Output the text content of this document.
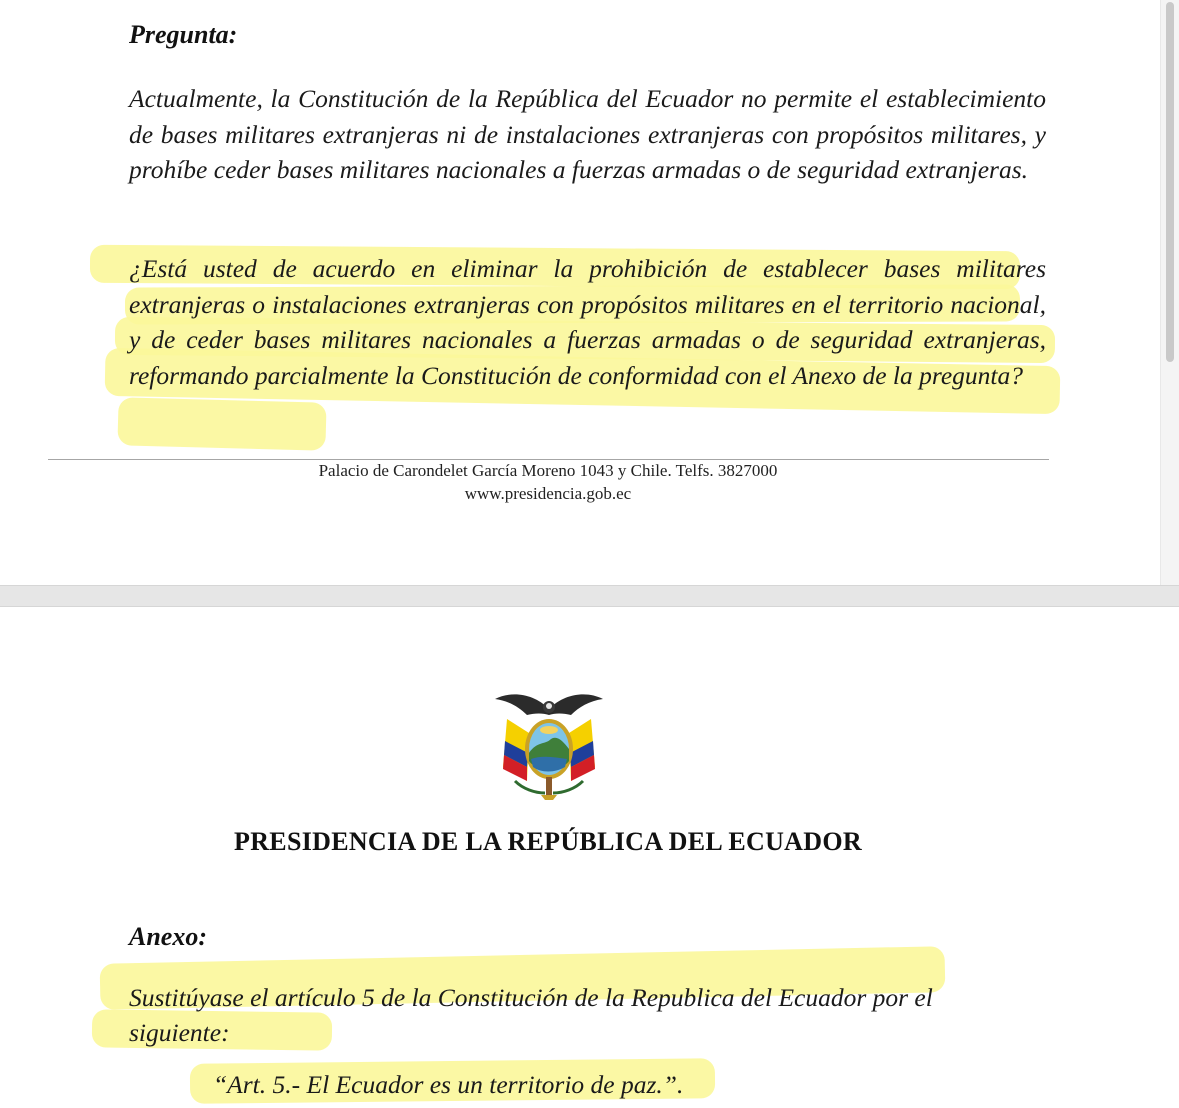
Pregunta:

Actualmente, la Constitución de la República del Ecuador no permite el establecimiento de bases militares extranjeras ni de instalaciones extranjeras con propósitos militares, y prohíbe ceder bases militares nacionales a fuerzas armadas o de seguridad extranjeras.

¿Está usted de acuerdo en eliminar la prohibición de establecer bases militares extranjeras o instalaciones extranjeras con propósitos militares en el territorio nacional, y de ceder bases militares nacionales a fuerzas armadas o de seguridad extranjeras, reformando parcialmente la Constitución de conformidad con el Anexo de la pregunta?

Palacio de Carondelet García Moreno 1043 y Chile. Telfs. 3827000
www.presidencia.gob.ec
PRESIDENCIA DE LA REPÚBLICA DEL ECUADOR
Anexo:
Sustitúyase el artículo 5 de la Constitución de la Republica del Ecuador por el
siguiente:
“Art. 5.- El Ecuador es un territorio de paz.”.
